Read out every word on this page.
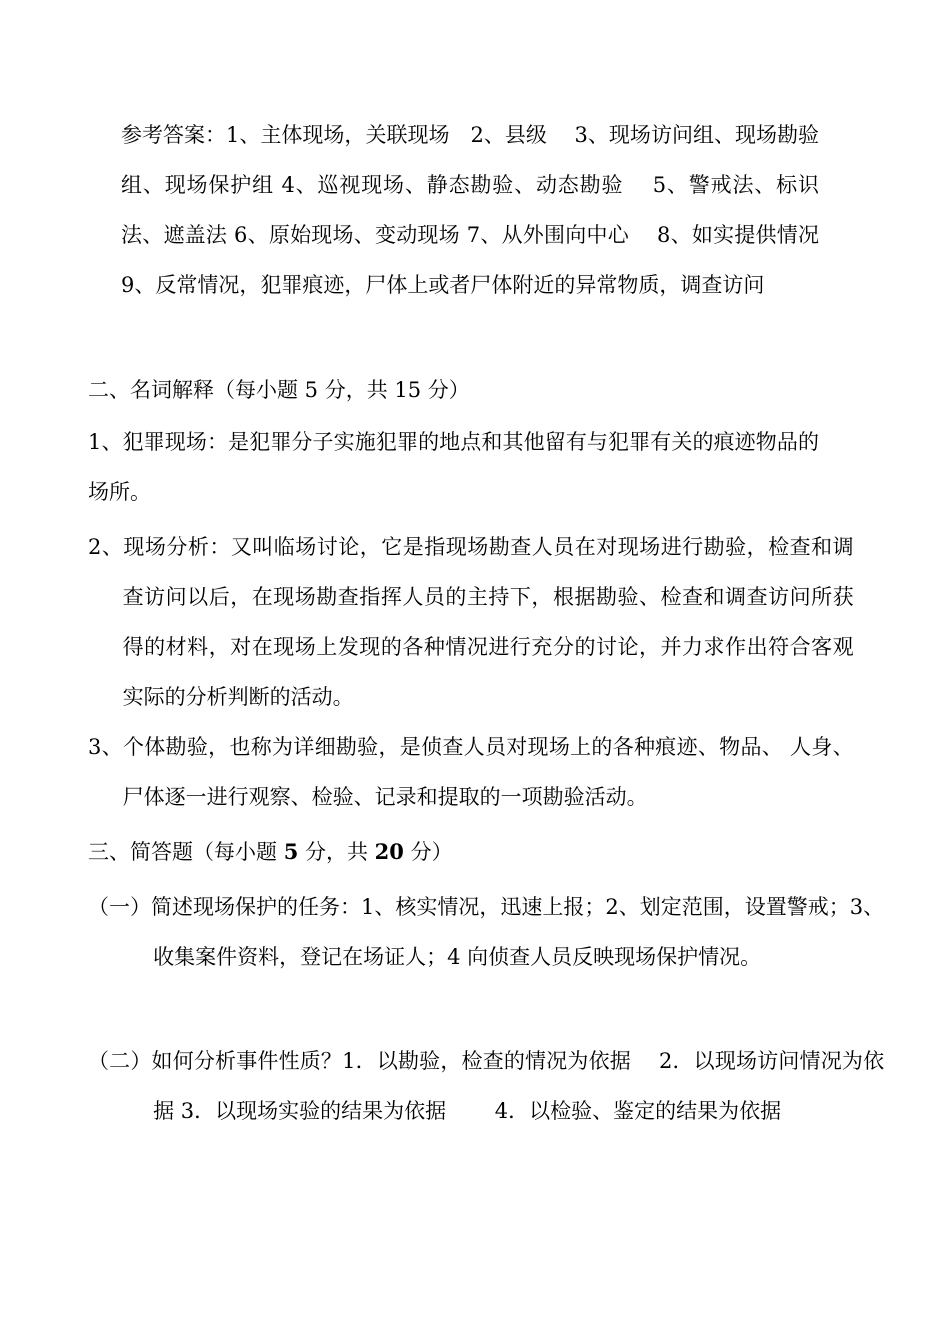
参考答案：1、主体现场，关联现场　2、县级　 3、现场访问组、现场勘验组、现场保护组 4、巡视现场、静态勘验、动态勘验　 5、警戒法、标识法、遮盖法 6、原始现场、变动现场 7、从外围向中心　 8、如实提供情况 9、反常情况，犯罪痕迹，尸体上或者尸体附近的异常物质，调查访问

二、名词解释（每小题 5 分，共 15 分）

1、犯罪现场：是犯罪分子实施犯罪的地点和其他留有与犯罪有关的痕迹物品的场所。

2、现场分析：又叫临场讨论，它是指现场勘查人员在对现场进行勘验，检查和调查访问以后，在现场勘查指挥人员的主持下，根据勘验、检查和调查访问所获得的材料，对在现场上发现的各种情况进行充分的讨论，并力求作出符合客观实际的分析判断的活动。

3、个体勘验，也称为详细勘验，是侦查人员对现场上的各种痕迹、物品、 人身、尸体逐一进行观察、检验、记录和提取的一项勘验活动。

三、简答题（每小题 5 分，共 20 分）

（一）简述现场保护的任务：1、核实情况，迅速上报；2、划定范围，设置警戒；3、收集案件资料，登记在场证人；4 向侦查人员反映现场保护情况。

（二）如何分析事件性质？1．以勘验，检查的情况为依据　 2．以现场访问情况为依据 3．以现场实验的结果为依据　　 4．以检验、鉴定的结果为依据
